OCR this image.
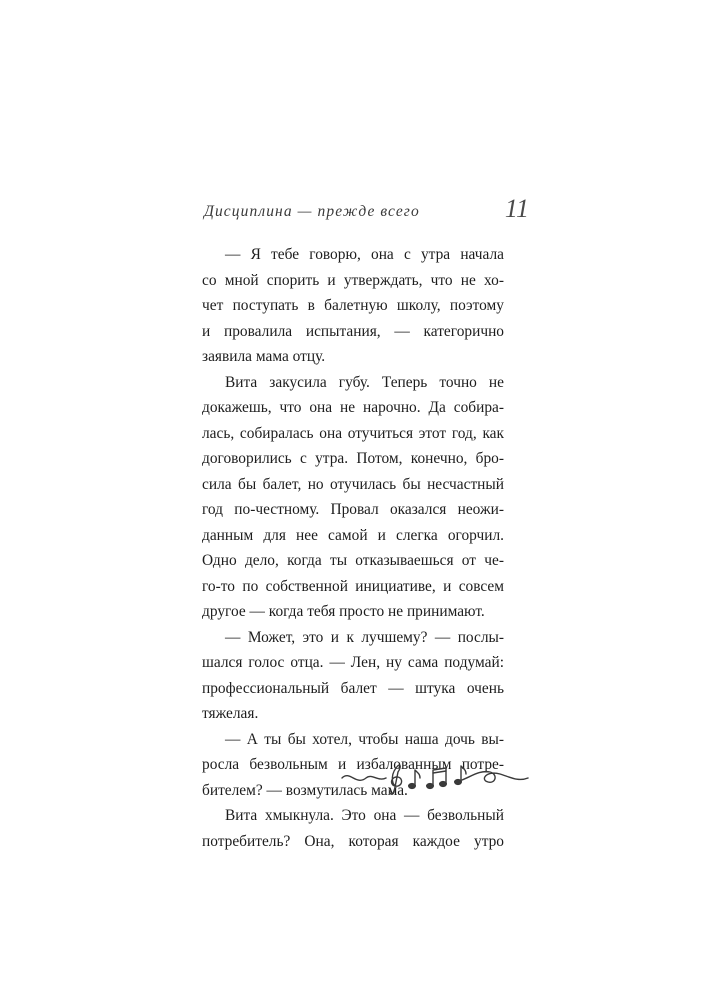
Дисциплина — прежде всего	11
— Я тебе говорю, она с утра начала
со мной спорить и утверждать, что не хо-
чет поступать в балетную школу, поэтому
и провалила испытания, — категорично
заявила мама отцу.
Вита закусила губу. Теперь точно не
докажешь, что она не нарочно. Да собира-
лась, собиралась она отучиться этот год, как
договорились с утра. Потом, конечно, бро-
сила бы балет, но отучилась бы несчастный
год по-честному. Провал оказался неожи-
данным для нее самой и слегка огорчил.
Одно дело, когда ты отказываешься от че-
го-то по собственной инициативе, и совсем
другое — когда тебя просто не принимают.
— Может, это и к лучшему? — послы-
шался голос отца. — Лен, ну сама подумай:
профессиональный балет — штука очень
тяжелая.
— А ты бы хотел, чтобы наша дочь вы-
росла безвольным и избалованным потре-
бителем? — возмутилась мама.
Вита хмыкнула. Это она — безвольный
потребитель? Она, которая каждое утро
